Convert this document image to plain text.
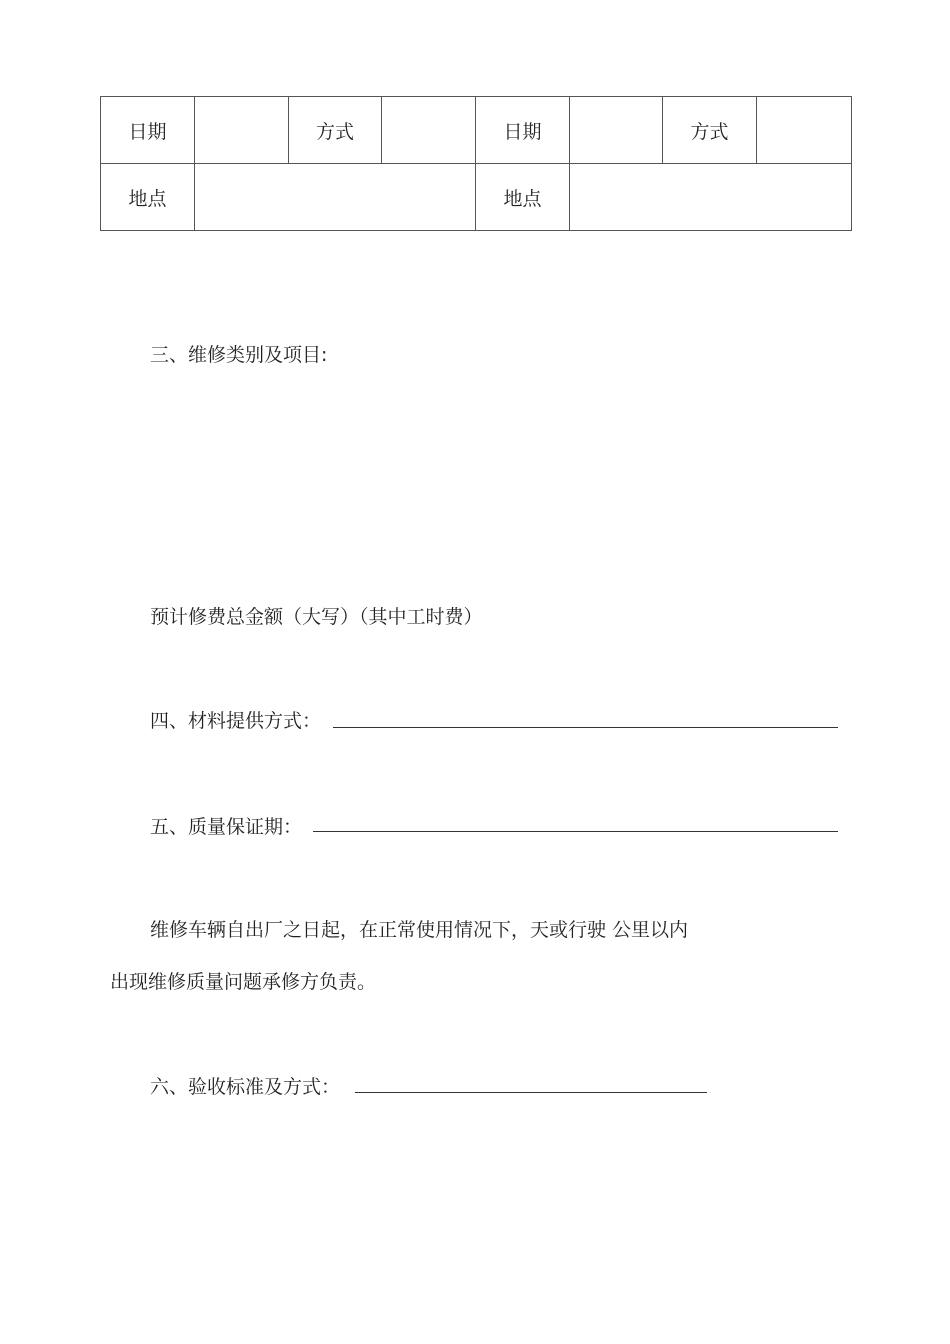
日期		方式		日期		方式	
地点				地点			
三、维修类别及项目:
预计修费总金额（大写）（其中工时费）
四、材料提供方式：
五、质量保证期：
维修车辆自出厂之日起，在正常使用情况下，天或行驶 公里以内
出现维修质量问题承修方负责。
六、验收标准及方式：
